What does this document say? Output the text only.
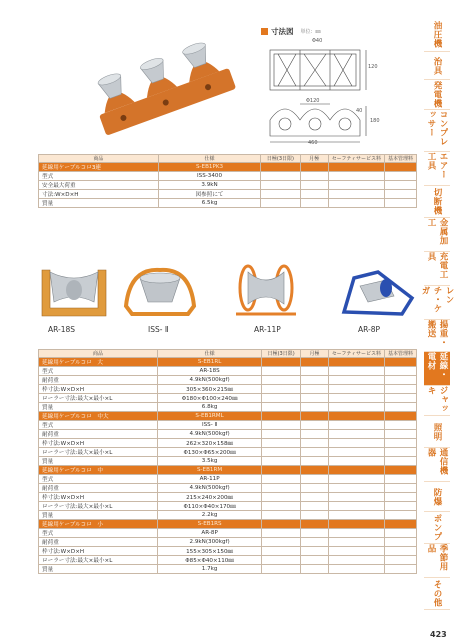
油圧機
治具
発電機
コンプレッサー
エアー工具
切断機
金属加工
充電工具
レンチ・ケガ
揚重・搬送
延線・電材
ジャッキ
照明
通信機器
防爆
ポンプ
季節用品
その他
423
寸法図 単位：㎜
Φ40
120
Φ120
40
180
460
商品	仕様	日極(3日限)	月極	セーフティサービス料	基本管理料
延線用ケーブルコロ3連	S-EB1PK3				
型式	ISS-3400				
安全最大荷重	3.9kN				
寸法:W×D×H	図参照にて				
質量	6.5kg				
AR-18S	ISS- Ⅱ	AR-11P	AR-8P
商品	仕様	日極(3日限)	月極	セーフティサービス料	基本管理料
延線用ケーブルコロ　大	S-EB1RL				
型式	AR-18S				
耐荷重	4.9kN(500kgf)				
枠寸法:W×D×H	305×360×215㎜				
ローラー寸法:最大×最小×L	Φ180×Φ100×240㎜				
質量	6.8kg				
延線用ケーブルコロ　中大	S-EB1RML				
型式	ISS- Ⅱ				
耐荷重	4.9kN(500kgf)				
枠寸法:W×D×H	262×320×158㎜				
ローラー寸法:最大×最小×L	Φ130×Φ65×200㎜				
質量	3.5kg				
延線用ケーブルコロ　中	S-EB1RM				
型式	AR-11P				
耐荷重	4.9kN(500kgf)				
枠寸法:W×D×H	215×240×200㎜				
ローラー寸法:最大×最小×L	Φ110×Φ40×170㎜				
質量	2.2kg				
延線用ケーブルコロ　小	S-EB1RS				
型式	AR-8P				
耐荷重	2.9kN(300kgf)				
枠寸法:W×D×H	155×305×150㎜				
ローラー寸法:最大×最小×L	Φ85×Φ40×110㎜				
質量	1.7kg				
